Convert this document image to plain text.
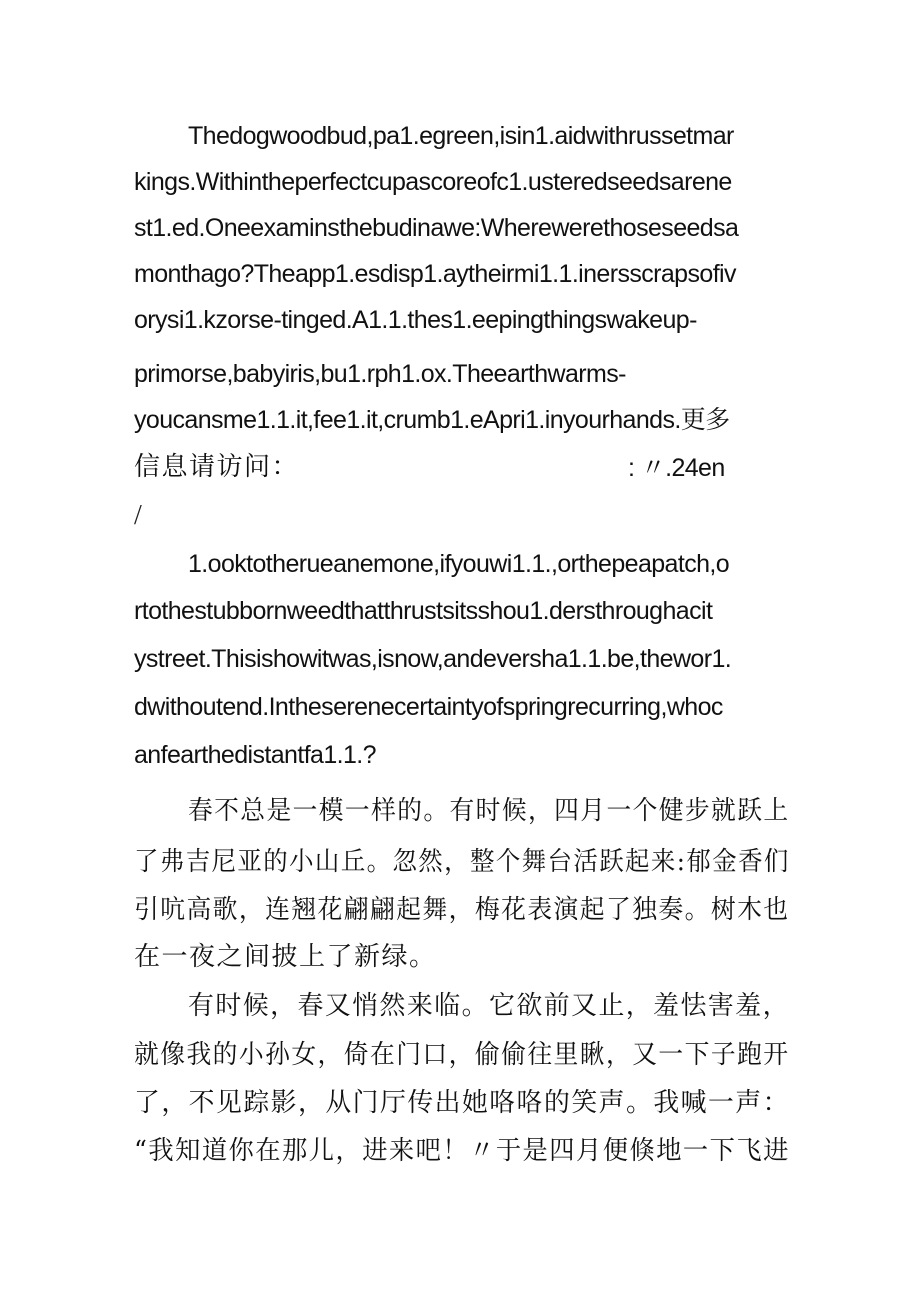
Thedogwoodbud,pa1.egreen,isin1.aidwithrussetmar
kings.Withintheperfectcupascoreofc1.usteredseedsarene
st1.ed.Oneexaminsthebudinawe:Wherewerethoseseedsa
monthago?Theapp1.esdisp1.aytheirmi1.1.inersscrapsofiv
orysi1.kzorse-tinged.A1.1.thes1.eepingthingswakeup-
primorse,babyiris,bu1.rph1.ox.Theearthwarms-
youcansme1.1.it,fee1.it,crumb1.eApri1.inyourhands.更多
信息请访问：	: 〃.24en
/
1.ooktotherueanemone,ifyouwi1.1.,orthepeapatch,o
rtothestubbornweedthatthrustsitsshou1.dersthroughacit
ystreet.Thisishowitwas,isnow,andeversha1.1.be,thewor1.
dwithoutend.Intheserenecertaintyofspringrecurring,whoc
anfearthedistantfa1.1.?
春不总是一模一样的。有时候，四月一个健步就跃上
了弗吉尼亚的小山丘。忽然，整个舞台活跃起来:郁金香们
引吭高歌，连翘花翩翩起舞，梅花表演起了独奏。树木也
在一夜之间披上了新绿。
有时候，春又悄然来临。它欲前又止，羞怯害羞，
就像我的小孙女，倚在门口，偷偷往里瞅，又一下子跑开
了，不见踪影，从门厅传出她咯咯的笑声。我喊一声：
“我知道你在那儿，进来吧！〃于是四月便倏地一下飞进
